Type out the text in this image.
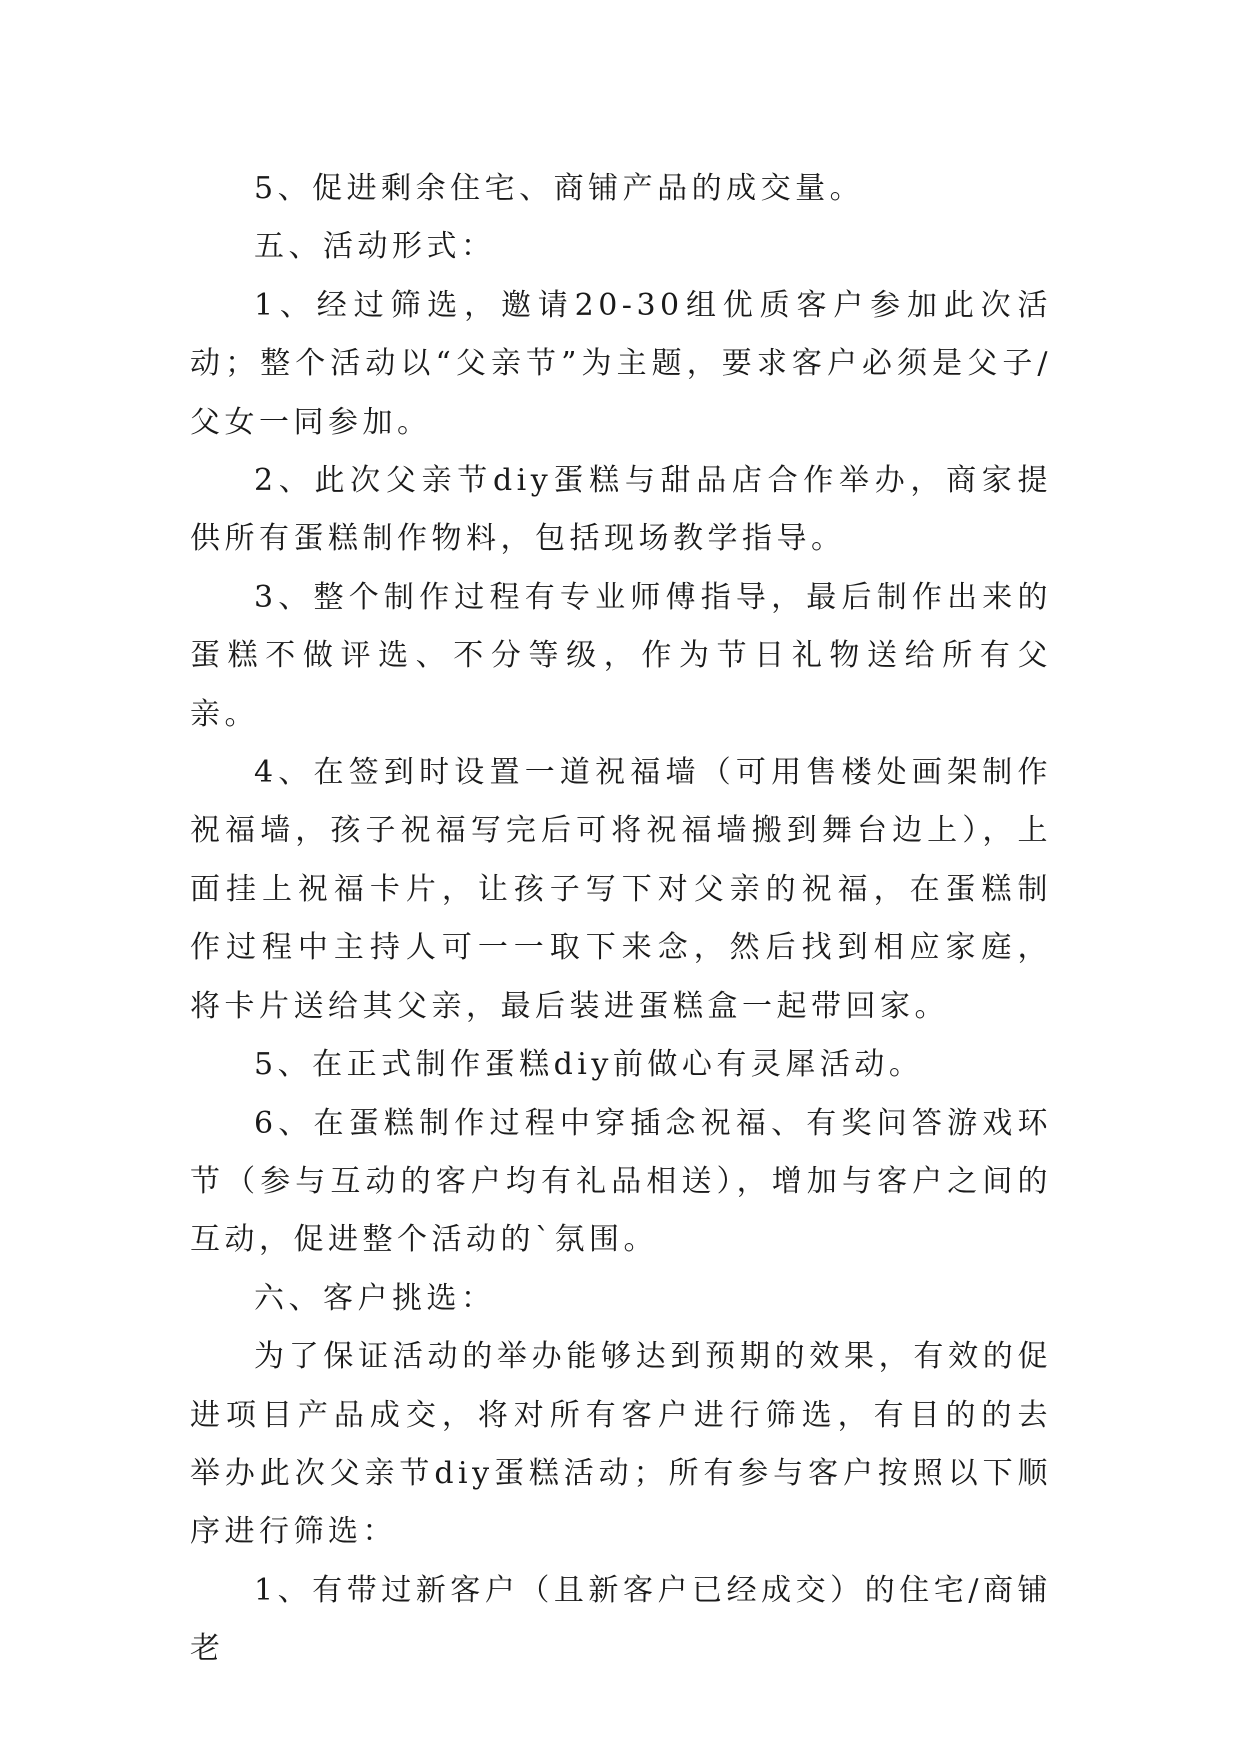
5、促进剩余住宅、商铺产品的成交量。

五、活动形式：

1、经过筛选，邀请20-30组优质客户参加此次活动；整个活动以“父亲节”为主题，要求客户必须是父子/父女一同参加。

2、此次父亲节diy蛋糕与甜品店合作举办，商家提供所有蛋糕制作物料，包括现场教学指导。

3、整个制作过程有专业师傅指导，最后制作出来的蛋糕不做评选、不分等级，作为节日礼物送给所有父亲。

4、在签到时设置一道祝福墙（可用售楼处画架制作祝福墙，孩子祝福写完后可将祝福墙搬到舞台边上），上面挂上祝福卡片，让孩子写下对父亲的祝福，在蛋糕制作过程中主持人可一一取下来念，然后找到相应家庭，将卡片送给其父亲，最后装进蛋糕盒一起带回家。

5、在正式制作蛋糕diy前做心有灵犀活动。

6、在蛋糕制作过程中穿插念祝福、有奖问答游戏环节（参与互动的客户均有礼品相送），增加与客户之间的互动，促进整个活动的`氛围。

六、客户挑选：

为了保证活动的举办能够达到预期的效果，有效的促进项目产品成交，将对所有客户进行筛选，有目的的去举办此次父亲节diy蛋糕活动；所有参与客户按照以下顺序进行筛选：

1、有带过新客户（且新客户已经成交）的住宅/商铺老
